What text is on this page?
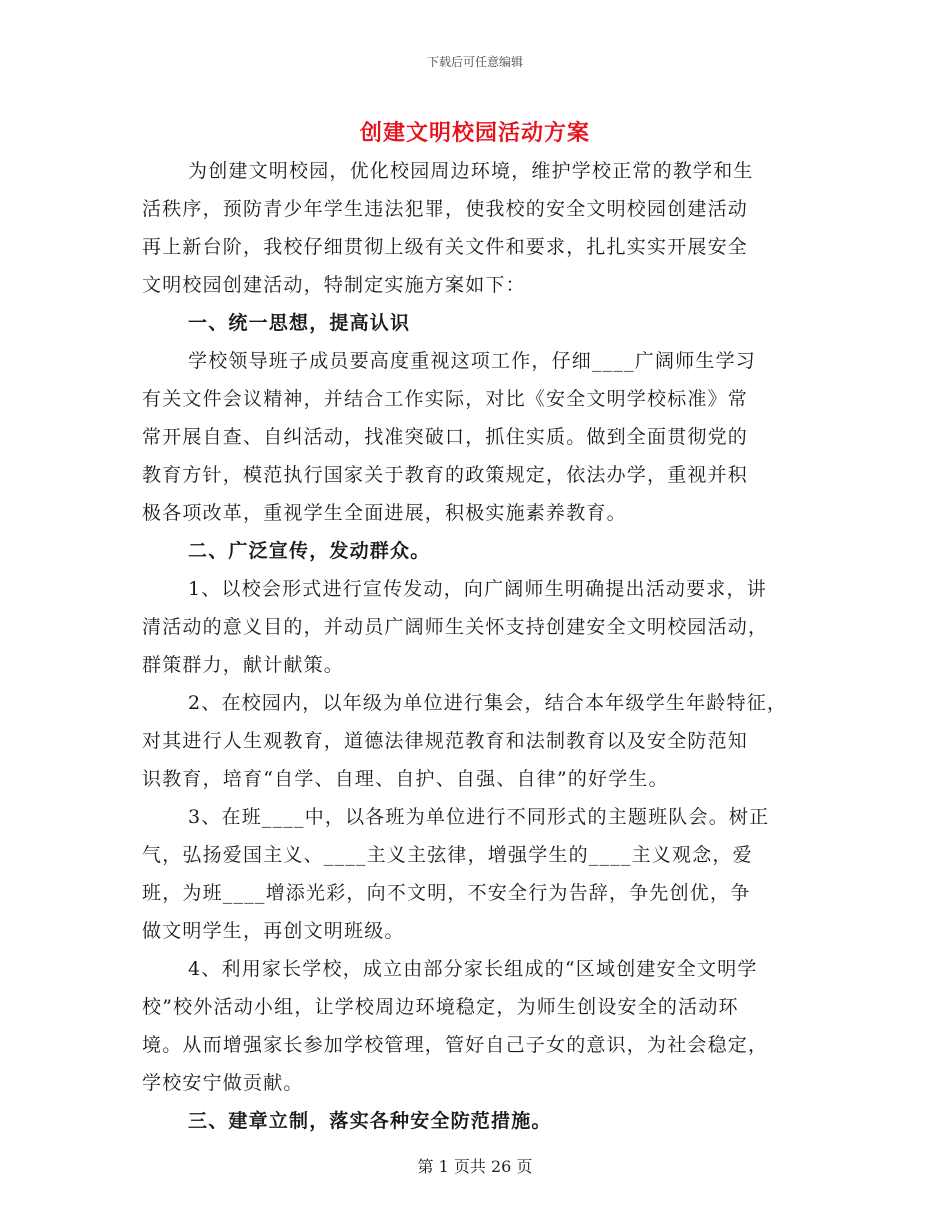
下载后可任意编辑
创建文明校园活动方案
为创建文明校园，优化校园周边环境，维护学校正常的教学和生
活秩序，预防青少年学生违法犯罪，使我校的安全文明校园创建活动
再上新台阶，我校仔细贯彻上级有关文件和要求，扎扎实实开展安全
文明校园创建活动，特制定实施方案如下：
一、统一思想，提高认识
学校领导班子成员要高度重视这项工作，仔细____广阔师生学习
有关文件会议精神，并结合工作实际，对比《安全文明学校标准》常
常开展自查、自纠活动，找准突破口，抓住实质。做到全面贯彻党的
教育方针，模范执行国家关于教育的政策规定，依法办学，重视并积
极各项改革，重视学生全面进展，积极实施素养教育。
二、广泛宣传，发动群众。
1、以校会形式进行宣传发动，向广阔师生明确提出活动要求，讲
清活动的意义目的，并动员广阔师生关怀支持创建安全文明校园活动，
群策群力，献计献策。
2、在校园内，以年级为单位进行集会，结合本年级学生年龄特征，
对其进行人生观教育，道德法律规范教育和法制教育以及安全防范知
识教育，培育“自学、自理、自护、自强、自律”的好学生。
3、在班____中，以各班为单位进行不同形式的主题班队会。树正
气，弘扬爱国主义、____主义主弦律，增强学生的____主义观念，爱
班，为班____增添光彩，向不文明，不安全行为告辞，争先创优，争
做文明学生，再创文明班级。
4、利用家长学校，成立由部分家长组成的“区域创建安全文明学
校”校外活动小组，让学校周边环境稳定，为师生创设安全的活动环
境。从而增强家长参加学校管理，管好自己子女的意识，为社会稳定，
学校安宁做贡献。
三、建章立制，落实各种安全防范措施。
第 1 页共 26 页
